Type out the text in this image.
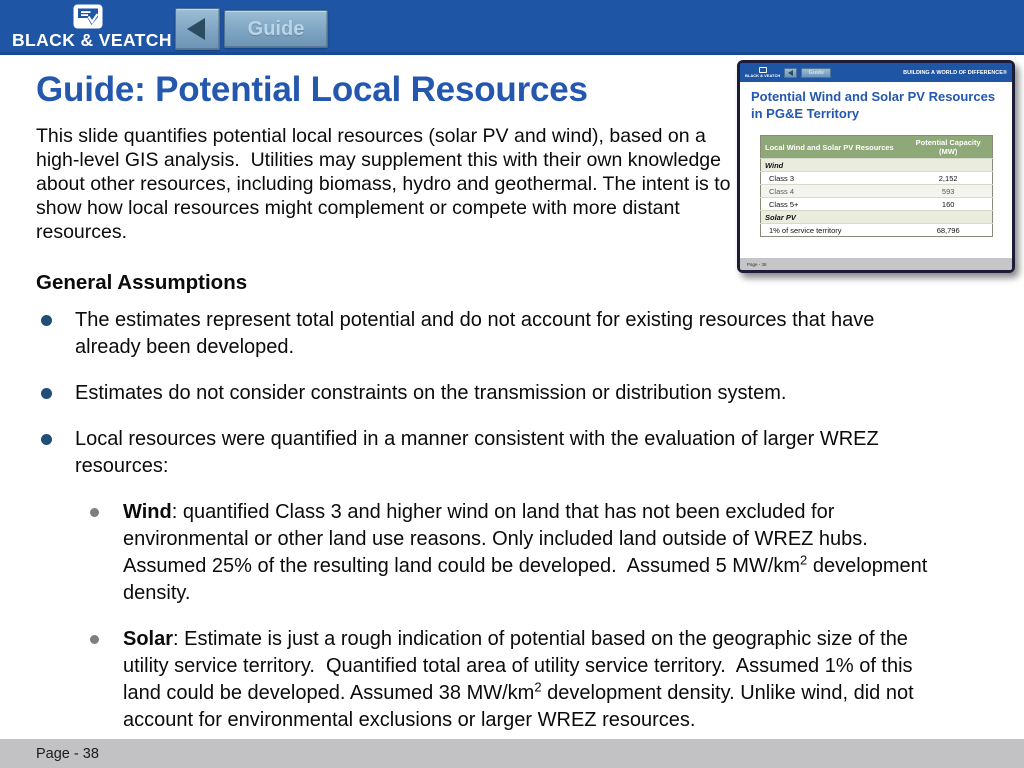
BLACK & VEATCH
Guide
Guide: Potential Local Resources
This slide quantifies potential local resources (solar PV and wind), based on a high-level GIS analysis.  Utilities may supplement this with their own knowledge about other resources, including biomass, hydro and geothermal. The intent is to show how local resources might complement or compete with more distant resources.
BLACK & VEATCH	Guide	BUILDING A WORLD OF DIFFERENCE®
Potential Wind and Solar PV Resources in PG&E Territory
Local Wind and Solar PV Resources	Potential Capacity
(MW)

Wind	
Class 3	2,152
Class 4	593
Class 5+	160
Solar PV	
1% of service territory	68,796
Page - 38
General Assumptions
The estimates represent total potential and do not account for existing resources that have already been developed.
Estimates do not consider constraints on the transmission or distribution system.
Local resources were quantified in a manner consistent with the evaluation of larger WREZ resources:
Wind: quantified Class 3 and higher wind on land that has not been excluded for environmental or other land use reasons. Only included land outside of WREZ hubs. Assumed 25% of the resulting land could be developed.  Assumed 5 $MW/km^2$ development density.
Solar: Estimate is just a rough indication of potential based on the geographic size of the utility service territory.  Quantified total area of utility service territory.  Assumed 1% of this land could be developed. Assumed 38 $MW/km^2$ development density. Unlike wind, did not account for environmental exclusions or larger WREZ resources.
Page - 38
